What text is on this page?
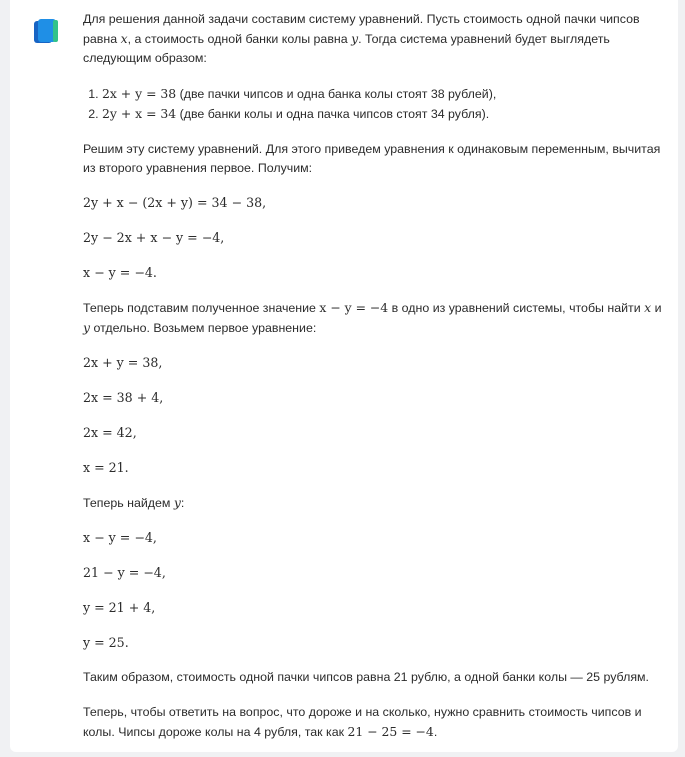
Для решения данной задачи составим систему уравнений. Пусть стоимость одной пачки чипсов равна x, а стоимость одной банки колы равна y. Тогда система уравнений будет выглядеть следующим образом:

1. 2x + y = 38 (две пачки чипсов и одна банка колы стоят 38 рублей),
2. 2y + x = 34 (две банки колы и одна пачка чипсов стоят 34 рубля).

Решим эту систему уравнений. Для этого приведем уравнения к одинаковым переменным, вычитая из второго уравнения первое. Получим:

2y + x − (2x + y) = 34 − 38,

2y − 2x + x − y = −4,

x − y = −4.

Теперь подставим полученное значение x − y = −4 в одно из уравнений системы, чтобы найти x и y отдельно. Возьмем первое уравнение:

2x + y = 38,

2x = 38 + 4,

2x = 42,

x = 21.

Теперь найдем y:

x − y = −4,

21 − y = −4,

y = 21 + 4,

y = 25.

Таким образом, стоимость одной пачки чипсов равна 21 рублю, а одной банки колы — 25 рублям.

Теперь, чтобы ответить на вопрос, что дороже и на сколько, нужно сравнить стоимость чипсов и колы. Чипсы дороже колы на 4 рубля, так как 21 − 25 = −4.
